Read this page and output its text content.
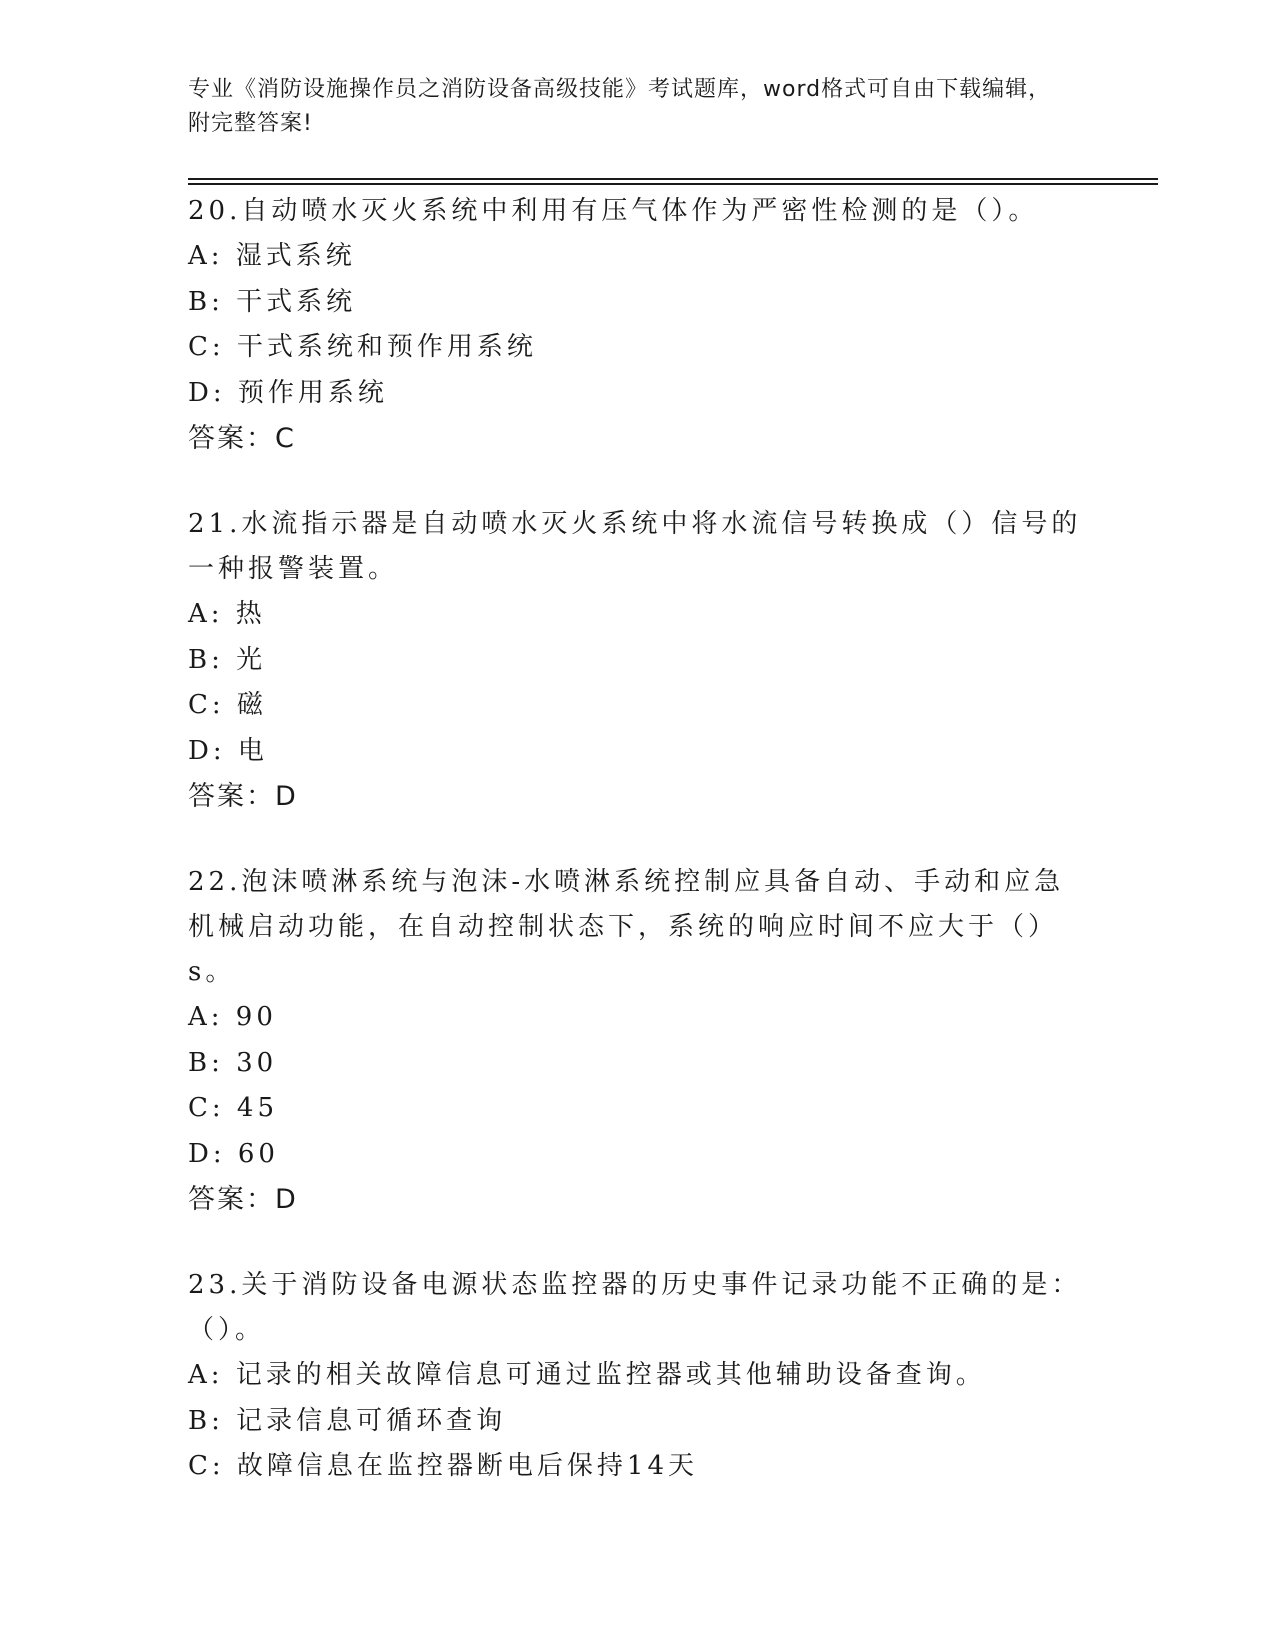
专业《消防设施操作员之消防设备高级技能》考试题库，word格式可自由下载编辑，附完整答案!

20.自动喷水灭火系统中利用有压气体作为严密性检测的是（）。

A: 湿式系统

B: 干式系统

C: 干式系统和预作用系统

D: 预作用系统

答案：C

21.水流指示器是自动喷水灭火系统中将水流信号转换成（）信号的一种报警装置。

A: 热

B: 光

C: 磁

D: 电

答案：D

22.泡沫喷淋系统与泡沫-水喷淋系统控制应具备自动、手动和应急机械启动功能，在自动控制状态下，系统的响应时间不应大于（）s。

A: 90

B: 30

C: 45

D: 60

答案：D

23.关于消防设备电源状态监控器的历史事件记录功能不正确的是：（）。

A: 记录的相关故障信息可通过监控器或其他辅助设备查询。

B: 记录信息可循环查询

C: 故障信息在监控器断电后保持14天
